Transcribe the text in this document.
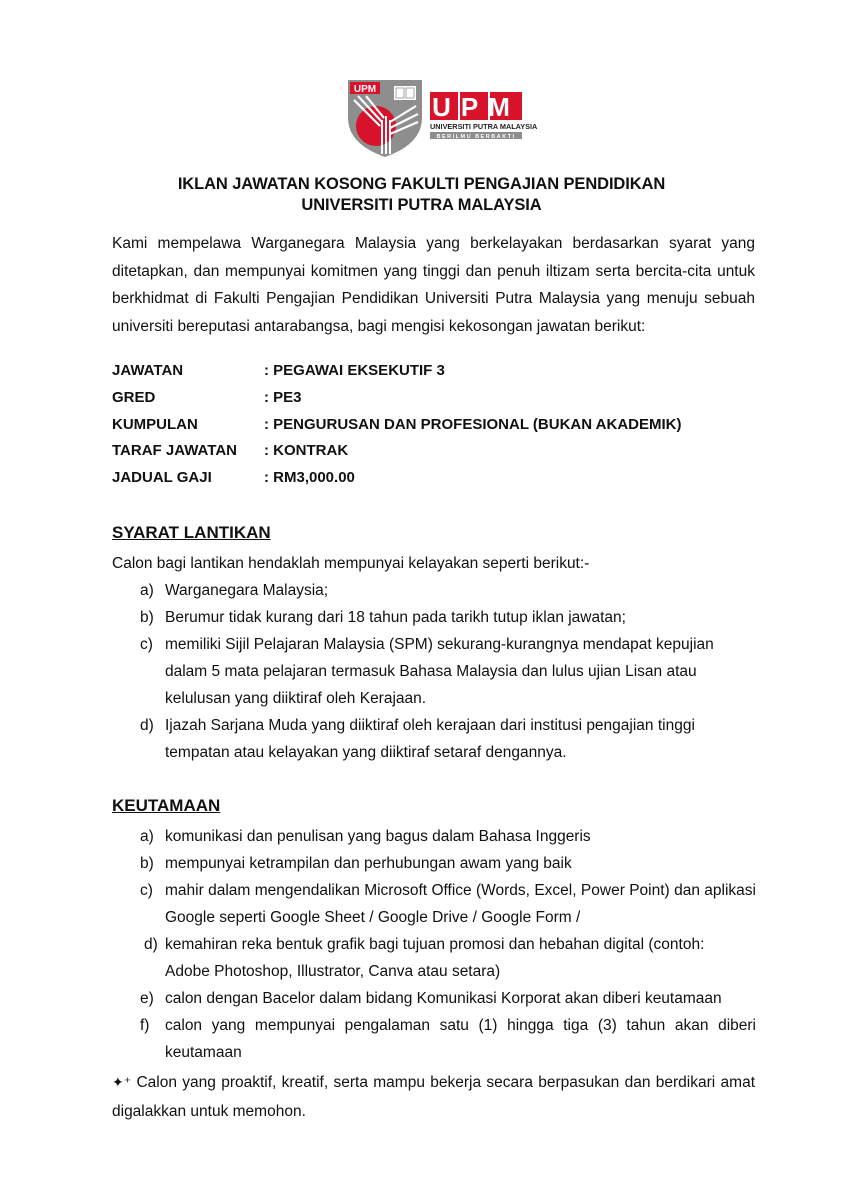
UPM
UPM
UNIVERSITI PUTRA MALAYSIA
BERILMU BERBAKTI
IKLAN JAWATAN KOSONG FAKULTI PENGAJIAN PENDIDIKAN
UNIVERSITI PUTRA MALAYSIA
Kami mempelawa Warganegara Malaysia yang berkelayakan berdasarkan syarat yang ditetapkan, dan mempunyai komitmen yang tinggi dan penuh iltizam serta bercita-cita untuk berkhidmat di Fakulti Pengajian Pendidikan Universiti Putra Malaysia yang menuju sebuah universiti bereputasi antarabangsa, bagi mengisi kekosongan jawatan berikut:
JAWATAN	: PEGAWAI EKSEKUTIF 3
GRED	: PE3
KUMPULAN	: PENGURUSAN DAN PROFESIONAL (BUKAN AKADEMIK)
TARAF JAWATAN	: KONTRAK
JADUAL GAJI	: RM3,000.00
SYARAT LANTIKAN
Calon bagi lantikan hendaklah mempunyai kelayakan seperti berikut:-
a) Warganegara Malaysia;
b) Berumur tidak kurang dari 18 tahun pada tarikh tutup iklan jawatan;
c) memiliki Sijil Pelajaran Malaysia (SPM) sekurang-kurangnya mendapat kepujian dalam 5 mata pelajaran termasuk Bahasa Malaysia dan lulus ujian Lisan atau kelulusan yang diiktiraf oleh Kerajaan.
d) Ijazah Sarjana Muda yang diiktiraf oleh kerajaan dari institusi pengajian tinggi tempatan atau kelayakan yang diiktiraf setaraf dengannya.
KEUTAMAAN
a) komunikasi dan penulisan yang bagus dalam Bahasa Inggeris
b) mempunyai ketrampilan dan perhubungan awam yang baik
c) mahir dalam mengendalikan Microsoft Office (Words, Excel, Power Point) dan aplikasi Google seperti Google Sheet / Google Drive / Google Form /
d) kemahiran reka bentuk grafik bagi tujuan promosi dan hebahan digital (contoh: Adobe Photoshop, Illustrator, Canva atau setara)
e) calon dengan Bacelor dalam bidang Komunikasi Korporat akan diberi keutamaan
f)	calon yang mempunyai pengalaman satu (1) hingga tiga (3) tahun akan diberi keutamaan
✦⁺ Calon yang proaktif, kreatif, serta mampu bekerja secara berpasukan dan berdikari amat digalakkan untuk memohon.
